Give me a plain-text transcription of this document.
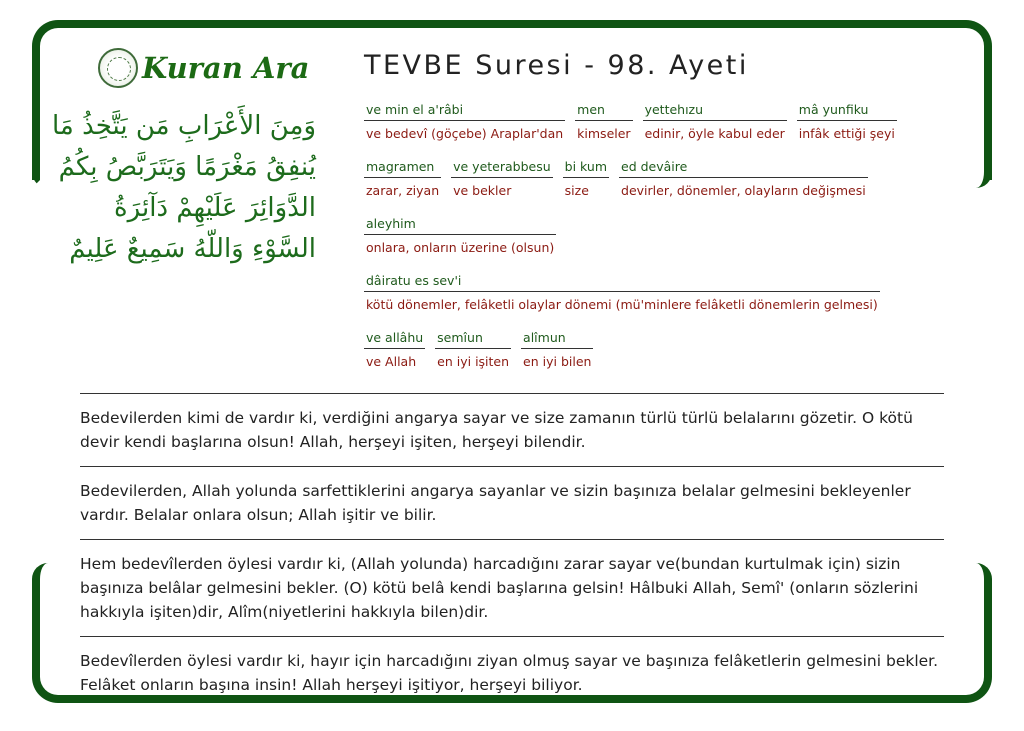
Kuran Ara
وَمِنَ الأَعْرَابِ مَن يَتَّخِذُ مَا
يُنفِقُ مَغْرَمًا وَيَتَرَبَّصُ بِكُمُ
الدَّوَائِرَ عَلَيْهِمْ دَآئِرَةُ
السَّوْءِ وَاللّهُ سَمِيعٌ عَلِيمٌ
TEVBE Suresi - 98. Ayeti
ve min el a'râbi
ve bedevî (göçebe) Araplar'dan
men
kimseler
yettehızu
edinir, öyle kabul eder
mâ yunfiku
infâk ettiği şeyi
magramen
zarar, ziyan
ve yeterabbesu
ve bekler
bi kum
size
ed devâire
devirler, dönemler, olayların değişmesi
aleyhim
onlara, onların üzerine (olsun)
dâiratu es sev'i
kötü dönemler, felâketli olaylar dönemi (mü'minlere felâketli dönemlerin gelmesi)
ve allâhu
ve Allah
semîun
en iyi işiten
alîmun
en iyi bilen
Bedevilerden kimi de vardır ki, verdiğini angarya sayar ve size zamanın türlü türlü belalarını gözetir. O kötü devir kendi başlarına olsun! Allah, herşeyi işiten, herşeyi bilendir.
Bedevilerden, Allah yolunda sarfettiklerini angarya sayanlar ve sizin başınıza belalar gelmesini bekleyenler vardır. Belalar onlara olsun; Allah işitir ve bilir.
Hem bedevîlerden öylesi vardır ki, (Allah yolunda) harcadığını zarar sayar ve(bundan kurtulmak için) sizin başınıza belâlar gelmesini bekler. (O) kötü belâ kendi başlarına gelsin! Hâlbuki Allah, Semî' (onların sözlerini hakkıyla işiten)dir, Alîm(niyetlerini hakkıyla bilen)dir.
Bedevîlerden öylesi vardır ki, hayır için harcadığını ziyan olmuş sayar ve başınıza felâketlerin gelmesini bekler. Felâket onların başına insin! Allah herşeyi işitiyor, herşeyi biliyor.
